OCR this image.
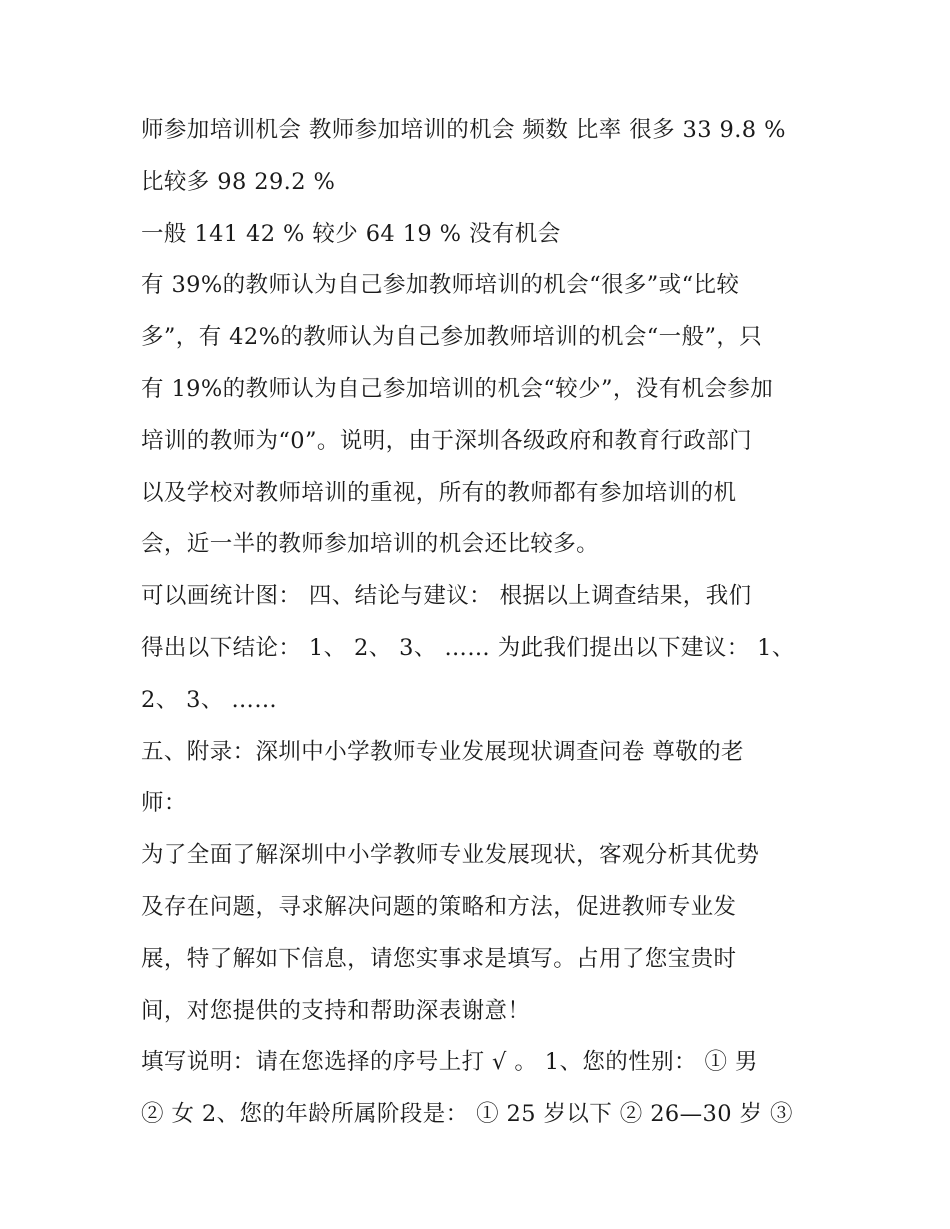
师参加培训机会 教师参加培训的机会 频数 比率 很多 33 9.8 %
比较多 98 29.2 %
一般 141 42 % 较少 64 19 % 没有机会
有 39%的教师认为自己参加教师培训的机会“很多”或“比较
多”，有 42%的教师认为自己参加教师培训的机会“一般”，只
有 19%的教师认为自己参加培训的机会“较少”，没有机会参加
培训的教师为“0”。说明，由于深圳各级政府和教育行政部门
以及学校对教师培训的重视，所有的教师都有参加培训的机
会，近一半的教师参加培训的机会还比较多。
可以画统计图： 四、结论与建议： 根据以上调查结果，我们
得出以下结论： 1、 2、 3、 …… 为此我们提出以下建议： 1、
2、 3、 ……
五、附录：深圳中小学教师专业发展现状调查问卷 尊敬的老
师：
为了全面了解深圳中小学教师专业发展现状，客观分析其优势
及存在问题，寻求解决问题的策略和方法，促进教师专业发
展，特了解如下信息，请您实事求是填写。占用了您宝贵时
间，对您提供的支持和帮助深表谢意！
填写说明：请在您选择的序号上打 √ 。 1、您的性别： ① 男
② 女 2、您的年龄所属阶段是： ① 25 岁以下 ② 26—30 岁 ③
